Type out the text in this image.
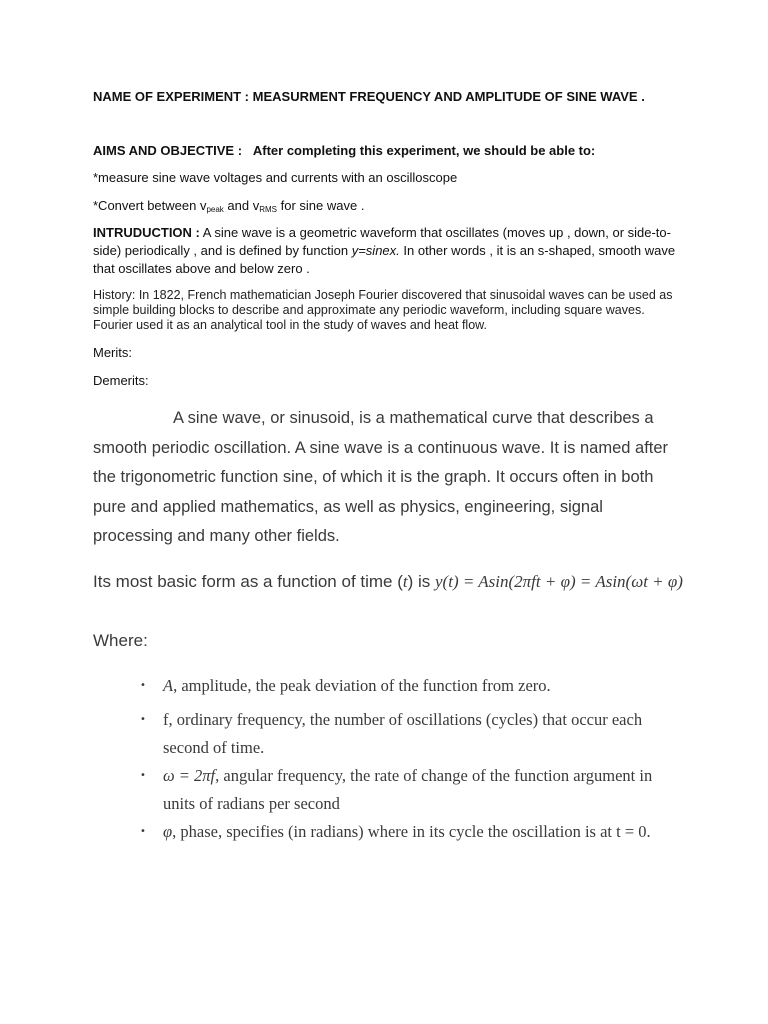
NAME OF EXPERIMENT : MEASURMENT FREQUENCY AND AMPLITUDE OF SINE WAVE .

AIMS AND OBJECTIVE : After completing this experiment, we should be able to:

*measure sine wave voltages and currents with an oscilloscope

*Convert between $v_{peak}$ and $v_{RMS}$ for sine wave .

INTRUDUCTION : A sine wave is a geometric waveform that oscillates (moves up , down, or side-to-side) periodically , and is defined by function y=sinex. In other words , it is an s-shaped, smooth wave that oscillates above and below zero .

History: In 1822, French mathematician Joseph Fourier discovered that sinusoidal waves can be used as simple building blocks to describe and approximate any periodic waveform, including square waves. Fourier used it as an analytical tool in the study of waves and heat flow.

Merits:

Demerits:

A sine wave, or sinusoid, is a mathematical curve that describes a smooth periodic oscillation. A sine wave is a continuous wave. It is named after the trigonometric function sine, of which it is the graph. It occurs often in both pure and applied mathematics, as well as physics, engineering, signal processing and many other fields.

Its most basic form as a function of time (t) is y(t) = Asin(2πft + φ) = Asin(ωt + φ)

Where:

• A, amplitude, the peak deviation of the function from zero.
• f, ordinary frequency, the number of oscillations (cycles) that occur each second of time.
• ω = 2πf, angular frequency, the rate of change of the function argument in units of radians per second
• φ, phase, specifies (in radians) where in its cycle the oscillation is at t = 0.
